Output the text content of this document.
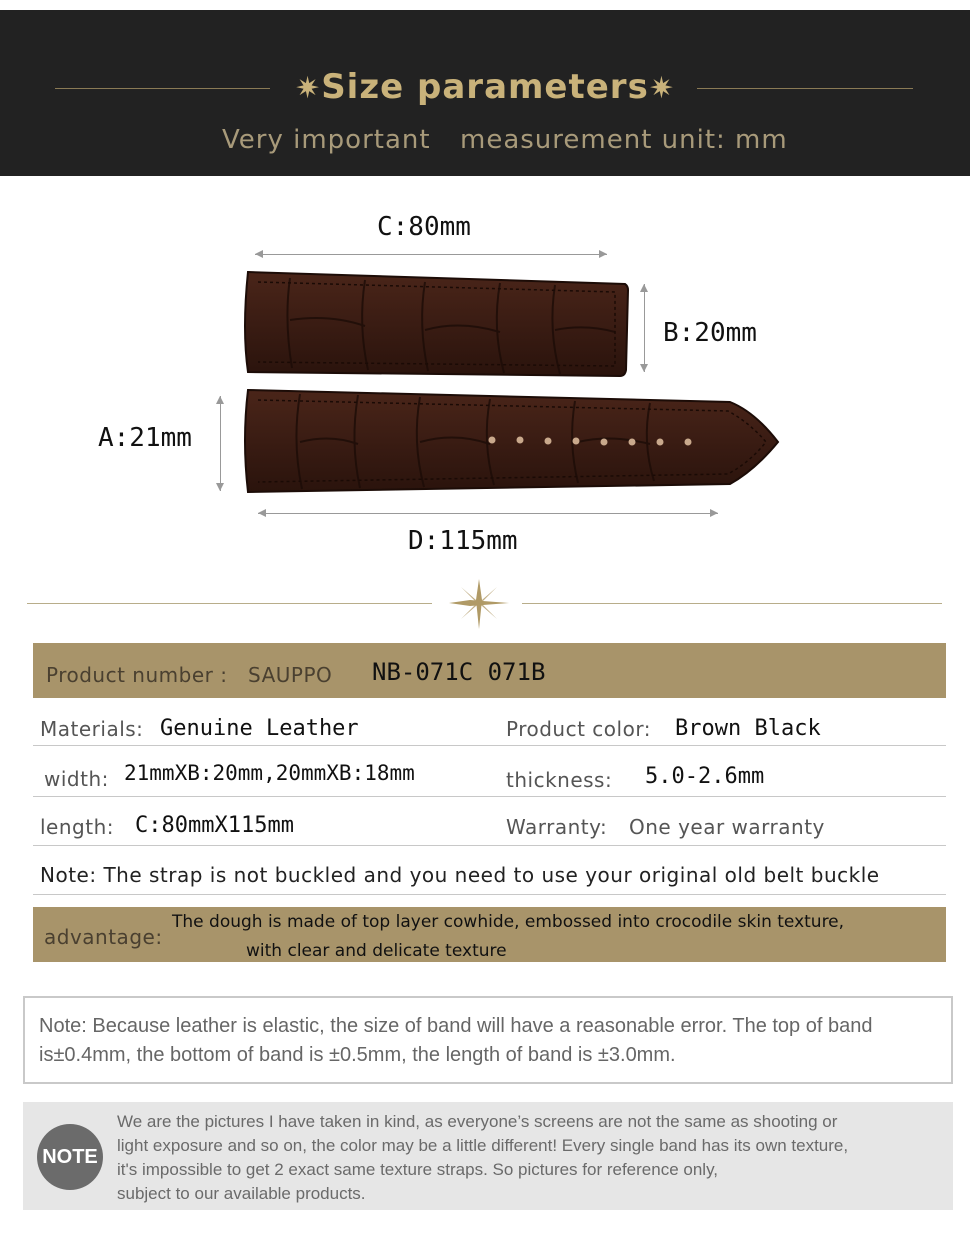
✷Size parameters✷
Very important measurement unit: mm
C:80mm
B:20mm
A:21mm
D:115mm
Product number : SAUPPO NB-071C 071B
Materials: Genuine Leather	Product color: Brown Black
width: 21mmXB:20mm,20mmXB:18mm	thickness: 5.0-2.6mm
length: C:80mmX115mm	Warranty: One year warranty
Note: The strap is not buckled and you need to use your original old belt buckle
advantage:
The dough is made of top layer cowhide, embossed into crocodile skin texture,
with clear and delicate texture

Note: Because leather is elastic, the size of band will have a reasonable error. The top of band is±0.4mm, the bottom of band is ±0.5mm, the length of band is ±3.0mm.

NOTE
We are the pictures I have taken in kind, as everyone’s screens are not the same as shooting or
light exposure and so on, the color may be a little different! Every single band has its own texture,
it's impossible to get 2 exact same texture straps. So pictures for reference only,
subject to our available products.
